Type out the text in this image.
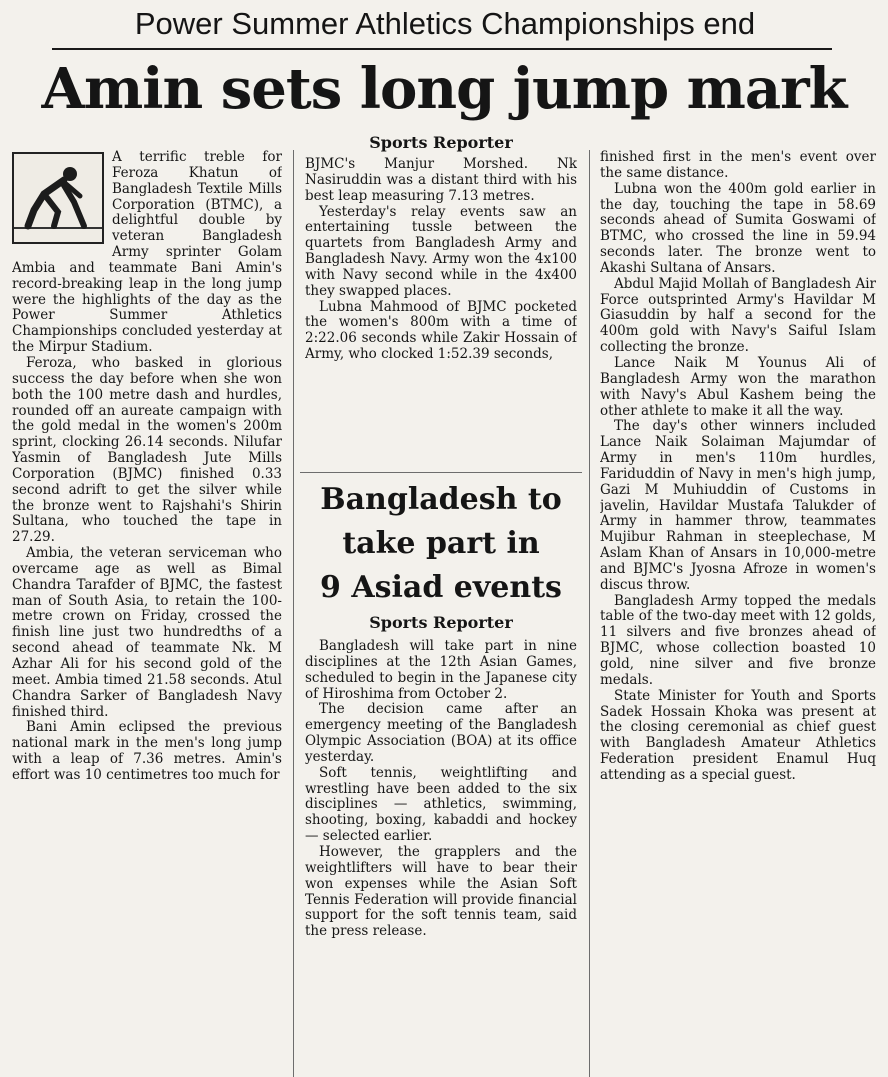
Power Summer Athletics Championships end
Amin sets long jump mark
Sports Reporter

A terrific treble for Feroza Khatun of Bangladesh Textile Mills Corporation (BTMC), a delightful double by veteran Bangladesh Army sprinter Golam Ambia and teammate Bani Amin's record-breaking leap in the long jump were the highlights of the day as the Power Summer Athletics Championships concluded yesterday at the Mirpur Stadium.

Feroza, who basked in glorious success the day before when she won both the 100 metre dash and hurdles, rounded off an aureate campaign with the gold medal in the women's 200m sprint, clocking 26.14 seconds. Nilufar Yasmin of Bangladesh Jute Mills Corporation (BJMC) finished 0.33 second adrift to get the silver while the bronze went to Rajshahi's Shirin Sultana, who touched the tape in 27.29.

Ambia, the veteran serviceman who overcame age as well as Bimal Chandra Tarafder of BJMC, the fastest man of South Asia, to retain the 100-metre crown on Friday, crossed the finish line just two hundredths of a second ahead of teammate Nk. M Azhar Ali for his second gold of the meet. Ambia timed 21.58 seconds. Atul Chandra Sarker of Bangladesh Navy finished third.

Bani Amin eclipsed the previous national mark in the men's long jump with a leap of 7.36 metres. Amin's effort was 10 centimetres too much for

BJMC's Manjur Morshed. Nk Nasiruddin was a distant third with his best leap measuring 7.13 metres.

Yesterday's relay events saw an entertaining tussle between the quartets from Bangladesh Army and Bangladesh Navy. Army won the 4x100 with Navy second while in the 4x400 they swapped places.

Lubna Mahmood of BJMC pocketed the women's 800m with a time of 2:22.06 seconds while Zakir Hossain of Army, who clocked 1:52.39 seconds,

Bangladesh to
take part in
9 Asiad events
Sports Reporter

Bangladesh will take part in nine disciplines at the 12th Asian Games, scheduled to begin in the Japanese city of Hiroshima from October 2.

The decision came after an emergency meeting of the Bangladesh Olympic Association (BOA) at its office yesterday.

Soft tennis, weightlifting and wrestling have been added to the six disciplines — athletics, swimming, shooting, boxing, kabaddi and hockey — selected earlier.

However, the grapplers and the weightlifters will have to bear their won expenses while the Asian Soft Tennis Federation will provide financial support for the soft tennis team, said the press release.

finished first in the men's event over the same distance.

Lubna won the 400m gold earlier in the day, touching the tape in 58.69 seconds ahead of Sumita Goswami of BTMC, who crossed the line in 59.94 seconds later. The bronze went to Akashi Sultana of Ansars.

Abdul Majid Mollah of Bangladesh Air Force outsprinted Army's Havildar M Giasuddin by half a second for the 400m gold with Navy's Saiful Islam collecting the bronze.

Lance Naik M Younus Ali of Bangladesh Army won the marathon with Navy's Abul Kashem being the other athlete to make it all the way.

The day's other winners included Lance Naik Solaiman Majumdar of Army in men's 110m hurdles, Fariduddin of Navy in men's high jump, Gazi M Muhiuddin of Customs in javelin, Havildar Mustafa Talukder of Army in hammer throw, teammates Mujibur Rahman in steeplechase, M Aslam Khan of Ansars in 10,000-metre and BJMC's Jyosna Afroze in women's discus throw.

Bangladesh Army topped the medals table of the two-day meet with 12 golds, 11 silvers and five bronzes ahead of BJMC, whose collection boasted 10 gold, nine silver and five bronze medals.

State Minister for Youth and Sports Sadek Hossain Khoka was present at the closing ceremonial as chief guest with Bangladesh Amateur Athletics Federation president Enamul Huq attending as a special guest.
